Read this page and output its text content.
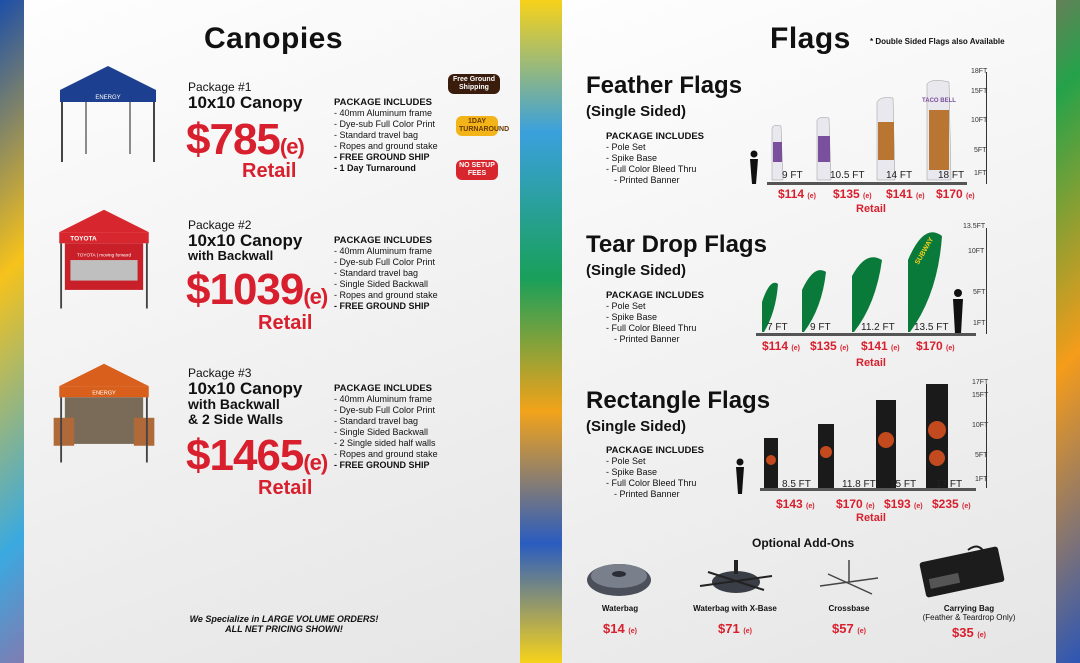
Canopies
ENERGY
Package #1
10x10 Canopy
$785(e)
Retail
PACKAGE INCLUDES
- 40mm Aluminum frame
- Dye-sub Full Color Print
- Standard travel bag
- Ropes and ground stake
- FREE GROUND SHIP
- 1 Day Turnaround
Free Ground Shipping
1DAY TURNAROUND
NO SETUP FEES
TOYOTA
TOYOTA | moving forward
Package #2
10x10 Canopy
with Backwall
$1039(e)
Retail
PACKAGE INCLUDES
- 40mm Aluminum frame
- Dye-sub Full Color Print
- Standard travel bag
- Single Sided Backwall
- Ropes and ground stake
- FREE GROUND SHIP
ENERGY
Package #3
10x10 Canopy
with Backwall
& 2 Side Walls
$1465(e)
Retail
PACKAGE INCLUDES
- 40mm Aluminum frame
- Dye-sub Full Color Print
- Standard travel bag
- Single Sided Backwall
- 2 Single sided half walls
- Ropes and ground stake
- FREE GROUND SHIP
We Specialize in LARGE VOLUME ORDERS!
ALL NET PRICING SHOWN!
Flags * Double Sided Flags also Available
Feather Flags
(Single Sided)
PACKAGE INCLUDES
- Pole Set
- Spike Base
- Full Color Bleed Thru
- Printed Banner
TACO BELL
9 FT	10.5 FT 14 FT	18 FT
$114 (e) $135 (e) $141 (e) $170 (e)
Retail
18FT
15FT
10FT
5FT
1FT
Tear Drop Flags
(Single Sided)
PACKAGE INCLUDES
- Pole Set
- Spike Base
- Full Color Bleed Thru
- Printed Banner
SUBWAY
7 FT 9 FT	11.2 FT 13.5 FT
$114 (e) $135 (e) $141 (e) $170 (e)
Retail
13.5FT
10FT
5FT
1FT
Rectangle Flags
(Single Sided)
PACKAGE INCLUDES
- Pole Set
- Spike Base
- Full Color Bleed Thru
- Printed Banner
8.5 FT	11.8 FT 15 FT 17 FT
$143 (e) $170 (e) $193 (e) $235 (e)
Retail
17FT
15FT
10FT
5FT
1FT
Optional Add-Ons
Waterbag
$14 (e)
Waterbag with X-Base
$71 (e)
Crossbase
$57 (e)
Carrying Bag
(Feather & Teardrop Only)
$35 (e)
